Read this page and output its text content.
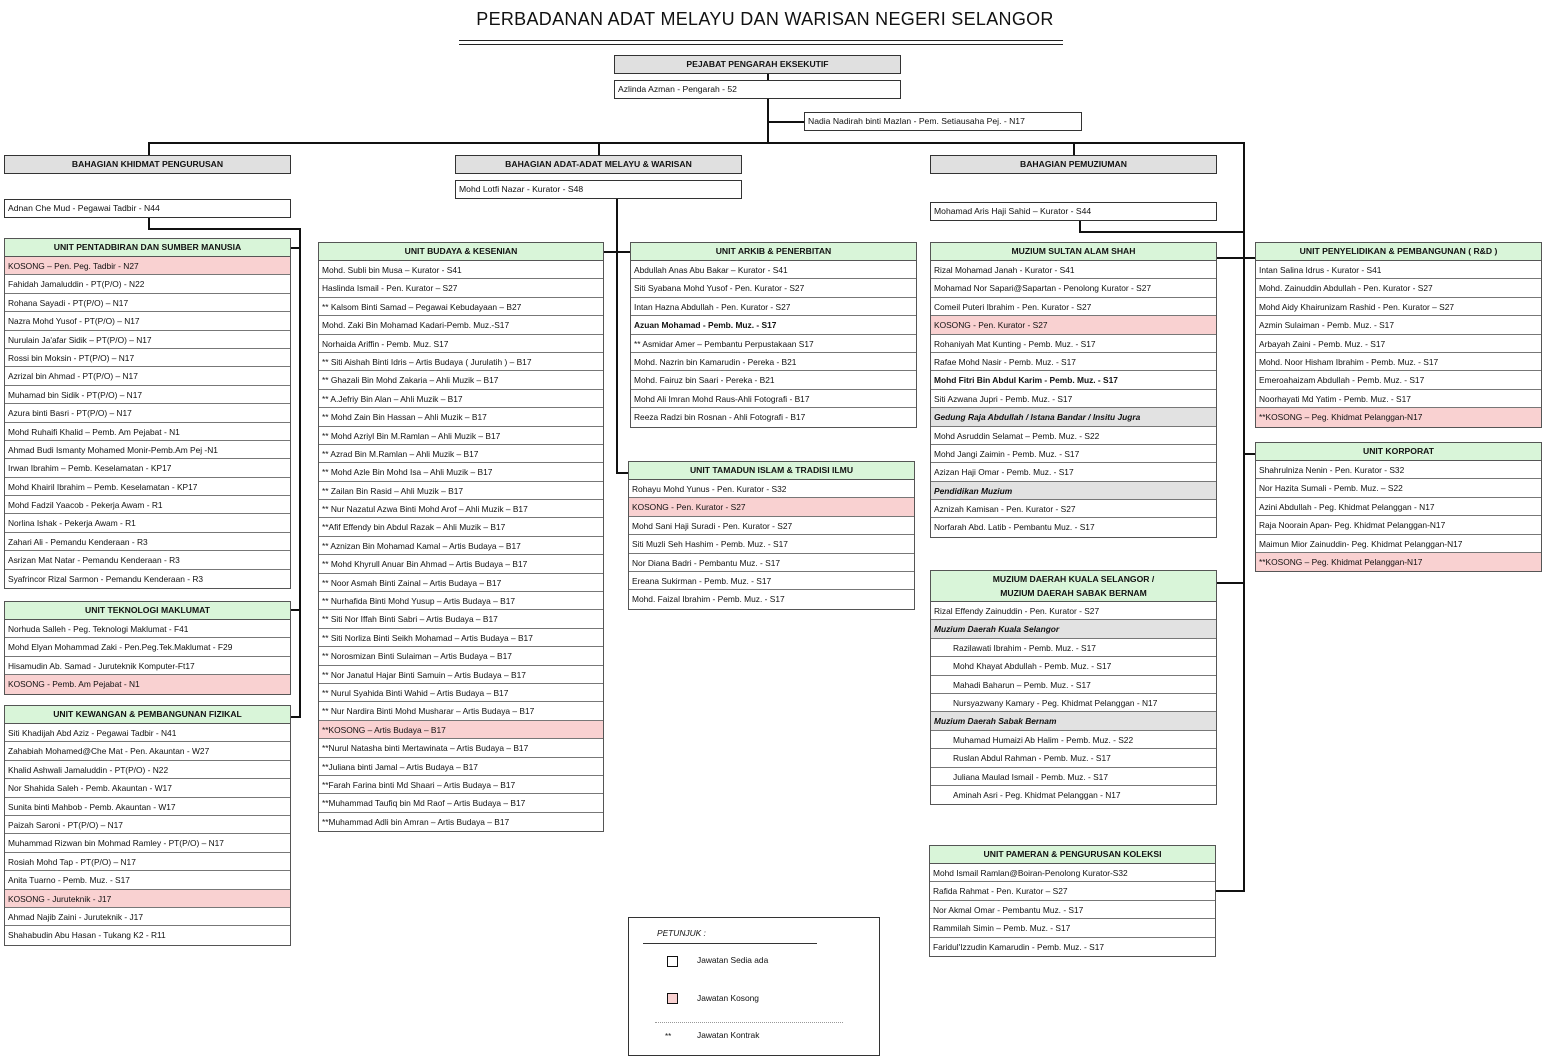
PERBADANAN ADAT MELAYU DAN WARISAN NEGERI SELANGOR
PEJABAT PENGARAH EKSEKUTIF
Azlinda Azman - Pengarah - 52
Nadia Nadirah binti Mazlan - Pem. Setiausaha Pej. - N17
BAHAGIAN KHIDMAT PENGURUSAN
Adnan Che Mud - Pegawai Tadbir - N44
BAHAGIAN ADAT-ADAT MELAYU & WARISAN
Mohd Lotfi Nazar - Kurator - S48
BAHAGIAN PEMUZIUMAN
Mohamad Aris Haji Sahid – Kurator - S44
UNIT PENTADBIRAN DAN SUMBER MANUSIA
KOSONG – Pen. Peg. Tadbir - N27
Fahidah Jamaluddin - PT(P/O) - N22
Rohana Sayadi - PT(P/O) – N17
Nazra Mohd Yusof - PT(P/O) – N17
Nurulain Ja'afar Sidik – PT(P/O) – N17
Rossi bin Moksin - PT(P/O) – N17
Azrizal bin Ahmad - PT(P/O) – N17
Muhamad bin Sidik - PT(P/O) – N17
Azura binti Basri - PT(P/O) – N17
Mohd Ruhaifi Khalid – Pemb. Am Pejabat - N1
Ahmad Budi Ismanty Mohamed Monir-Pemb.Am Pej -N1
Irwan Ibrahim – Pemb. Keselamatan - KP17
Mohd Khairil Ibrahim – Pemb. Keselamatan - KP17
Mohd Fadzil Yaacob - Pekerja Awam - R1
Norlina Ishak - Pekerja Awam - R1
Zahari Ali - Pemandu Kenderaan - R3
Asrizan Mat Natar - Pemandu Kenderaan - R3
Syafrincor Rizal Sarmon - Pemandu Kenderaan - R3
UNIT TEKNOLOGI MAKLUMAT
Norhuda Salleh - Peg. Teknologi Maklumat - F41
Mohd Elyan Mohammad Zaki - Pen.Peg.Tek.Maklumat - F29
Hisamudin Ab. Samad - Juruteknik Komputer-Ft17
KOSONG - Pemb. Am Pejabat - N1
UNIT KEWANGAN & PEMBANGUNAN FIZIKAL
Siti Khadijah Abd Aziz - Pegawai Tadbir - N41
Zahabiah Mohamed@Che Mat - Pen. Akauntan - W27
Khalid Ashwali Jamaluddin - PT(P/O) - N22
Nor Shahida Saleh - Pemb. Akauntan - W17
Sunita binti Mahbob - Pemb. Akauntan - W17
Paizah Saroni - PT(P/O) – N17
Muhammad Rizwan bin Mohmad Ramley - PT(P/O) – N17
Rosiah Mohd Tap - PT(P/O) – N17
Anita Tuarno - Pemb. Muz. - S17
KOSONG - Juruteknik - J17
Ahmad Najib Zaini - Juruteknik - J17
Shahabudin Abu Hasan - Tukang K2 - R11
UNIT BUDAYA & KESENIAN
Mohd. Subli bin Musa – Kurator - S41
Haslinda Ismail - Pen. Kurator – S27
** Kalsom Binti Samad – Pegawai Kebudayaan – B27
Mohd. Zaki Bin Mohamad Kadari-Pemb. Muz.-S17
Norhaida Ariffin - Pemb. Muz. S17
** Siti Aishah Binti Idris – Artis Budaya ( Jurulatih ) – B17
** Ghazali Bin Mohd Zakaria – Ahli Muzik – B17
** A.Jefriy Bin Alan – Ahli Muzik – B17
** Mohd Zain Bin Hassan – Ahli Muzik – B17
** Mohd Azriyl Bin M.Ramlan – Ahli Muzik – B17
** Azrad Bin M.Ramlan – Ahli Muzik – B17
** Mohd Azle Bin Mohd Isa – Ahli Muzik – B17
** Zailan Bin Rasid – Ahli Muzik – B17
** Nur Nazatul Azwa Binti Mohd Arof – Ahli Muzik – B17
**Afif Effendy bin Abdul Razak – Ahli Muzik – B17
** Aznizan Bin Mohamad Kamal – Artis Budaya – B17
** Mohd Khyrull Anuar Bin Ahmad – Artis Budaya – B17
** Noor Asmah Binti Zainal – Artis Budaya – B17
** Nurhafida Binti Mohd Yusup – Artis Budaya – B17
** Siti Nor Iffah Binti Sabri – Artis Budaya – B17
** Siti Norliza Binti Seikh Mohamad – Artis Budaya – B17
** Norosmizan Binti Sulaiman – Artis Budaya – B17
** Nor Janatul Hajar Binti Samuin – Artis Budaya – B17
** Nurul Syahida Binti Wahid – Artis Budaya – B17
** Nur Nardira Binti Mohd Musharar – Artis Budaya – B17
**KOSONG – Artis Budaya – B17
**Nurul Natasha binti Mertawinata – Artis Budaya – B17
**Juliana binti Jamal – Artis Budaya – B17
**Farah Farina binti Md Shaari – Artis Budaya – B17
**Muhammad Taufiq bin Md Raof – Artis Budaya – B17
**Muhammad Adli bin Amran – Artis Budaya – B17
UNIT ARKIB & PENERBITAN
Abdullah Anas Abu Bakar – Kurator - S41
Siti Syabana Mohd Yusof - Pen. Kurator - S27
Intan Hazna Abdullah - Pen. Kurator - S27
Azuan Mohamad - Pemb. Muz. - S17
** Asmidar Amer – Pembantu Perpustakaan S17
Mohd. Nazrin bin Kamarudin - Pereka - B21
Mohd. Fairuz bin Saari - Pereka - B21
Mohd Ali Imran Mohd Raus-Ahli Fotografi - B17
Reeza Radzi bin Rosnan - Ahli Fotografi - B17
UNIT TAMADUN ISLAM & TRADISI ILMU
Rohayu Mohd Yunus - Pen. Kurator - S32
KOSONG - Pen. Kurator - S27
Mohd Sani Haji Suradi - Pen. Kurator - S27
Siti Muzli Seh Hashim - Pemb. Muz. - S17
Nor Diana Badri - Pembantu Muz. - S17
Ereana Sukirman - Pemb. Muz. - S17
Mohd. Faizal Ibrahim - Pemb. Muz. - S17
MUZIUM SULTAN ALAM SHAH
Rizal Mohamad Janah - Kurator - S41
Mohamad Nor Sapari@Sapartan - Penolong Kurator - S27
Comeil Puteri Ibrahim - Pen. Kurator - S27
KOSONG - Pen. Kurator - S27
Rohaniyah Mat Kunting - Pemb. Muz. - S17
Rafae Mohd Nasir - Pemb. Muz. - S17
Mohd Fitri Bin Abdul Karim - Pemb. Muz. - S17
Siti Azwana Jupri - Pemb. Muz. - S17
Gedung Raja Abdullah / Istana Bandar / Insitu Jugra
Mohd Asruddin Selamat – Pemb. Muz. - S22
Mohd Jangi Zaimin - Pemb. Muz. - S17
Azizan Haji Omar - Pemb. Muz. - S17
Pendidikan Muzium
Aznizah Kamisan - Pen. Kurator - S27
Norfarah Abd. Latib - Pembantu Muz. - S17
MUZIUM DAERAH KUALA SELANGOR /
MUZIUM DAERAH SABAK BERNAM
Rizal Effendy Zainuddin - Pen. Kurator - S27
Muzium Daerah Kuala Selangor
Razilawati Ibrahim - Pemb. Muz. - S17
Mohd Khayat Abdullah - Pemb. Muz. - S17
Mahadi Baharun – Pemb. Muz. - S17
Nursyazwany Kamary - Peg. Khidmat Pelanggan - N17
Muzium Daerah Sabak Bernam
Muhamad Humaizi Ab Halim - Pemb. Muz. - S22
Ruslan Abdul Rahman - Pemb. Muz. - S17
Juliana Maulad Ismail - Pemb. Muz. - S17
Aminah Asri - Peg. Khidmat Pelanggan - N17
UNIT PAMERAN & PENGURUSAN KOLEKSI
Mohd Ismail Ramlan@Boiran-Penolong Kurator-S32
Rafida Rahmat - Pen. Kurator – S27
Nor Akmal Omar - Pembantu Muz. - S17
Rammilah Simin – Pemb. Muz. - S17
Faridul'Izzudin Kamarudin - Pemb. Muz. - S17
UNIT PENYELIDIKAN & PEMBANGUNAN ( R&D )
Intan Salina Idrus - Kurator - S41
Mohd. Zainuddin Abdullah - Pen. Kurator - S27
Mohd Aidy Khairunizam Rashid - Pen. Kurator – S27
Azmin Sulaiman - Pemb. Muz. - S17
Arbayah Zaini - Pemb. Muz. - S17
Mohd. Noor Hisham Ibrahim - Pemb. Muz. - S17
Emeroahaizam Abdullah - Pemb. Muz. - S17
Noorhayati Md Yatim - Pemb. Muz. - S17
**KOSONG – Peg. Khidmat Pelanggan-N17
UNIT KORPORAT
Shahrulniza Nenin - Pen. Kurator - S32
Nor Hazita Sumali - Pemb. Muz. – S22
Azini Abdullah - Peg. Khidmat Pelanggan - N17
Raja Noorain Apan- Peg. Khidmat Pelanggan-N17
Maimun Mior Zainuddin- Peg. Khidmat Pelanggan-N17
**KOSONG – Peg. Khidmat Pelanggan-N17
PETUNJUK :
Jawatan Sedia ada
Jawatan Kosong
**	Jawatan Kontrak
